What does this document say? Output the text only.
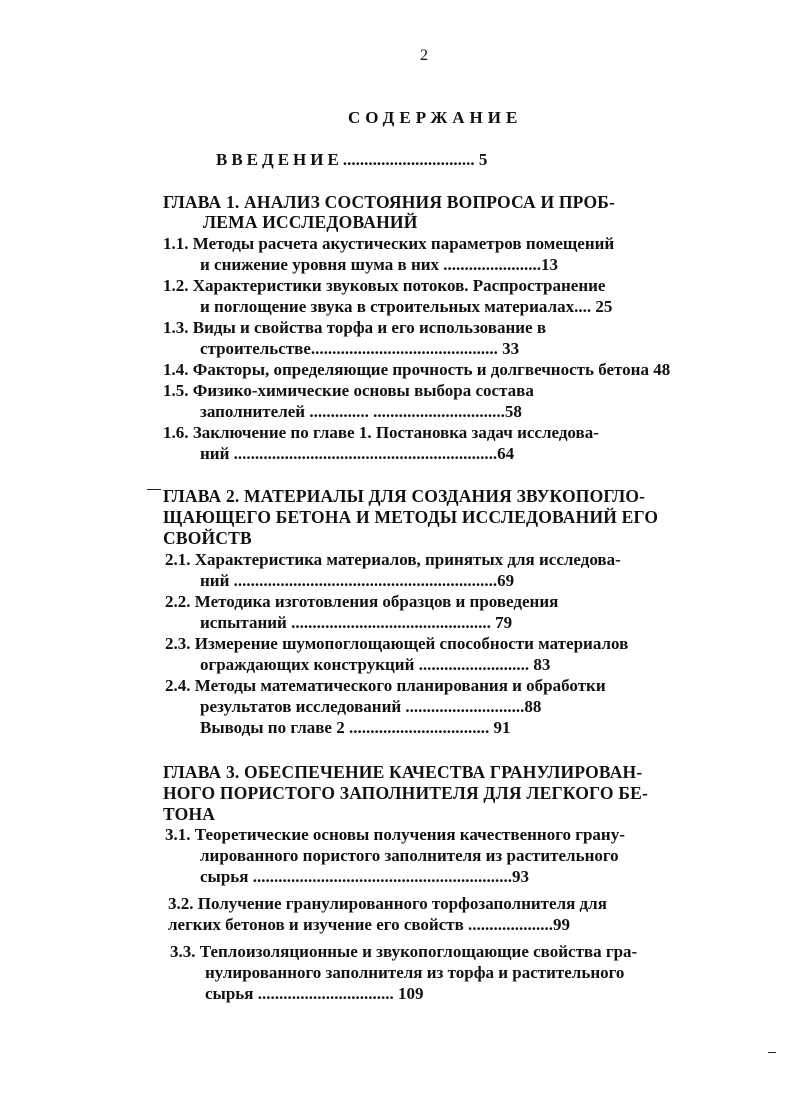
2
СОДЕРЖАНИЕ
ВВЕДЕНИЕ............................... 5
ГЛАВА 1. АНАЛИЗ СОСТОЯНИЯ ВОПРОСА И ПРОБ-
ЛЕМА ИССЛЕДОВАНИЙ
1.1. Методы расчета акустических параметров помещений
и снижение уровня шума в них .......................13
1.2. Характеристики звуковых потоков. Распространение
и поглощение звука в строительных материалах.... 25
1.3. Виды и свойства торфа и его использование в
строительстве............................................ 33
1.4. Факторы, определяющие прочность и долгвечность бетона 48
1.5. Физико-химические основы выбора состава
заполнителей .............. ...............................58
1.6. Заключение по главе 1. Постановка задач исследова-
ний ..............................................................64
ГЛАВА 2. МАТЕРИАЛЫ ДЛЯ СОЗДАНИЯ ЗВУКОПОГЛО-
ЩАЮЩЕГО БЕТОНА И МЕТОДЫ ИССЛЕДОВАНИЙ ЕГО
СВОЙСТВ
2.1. Характеристика материалов, принятых для исследова-
ний ..............................................................69
2.2. Методика изготовления образцов и проведения
испытаний ............................................... 79
2.3. Измерение шумопоглощающей способности материалов
ограждающих конструкций .......................... 83
2.4. Методы математического планирования и обработки
результатов исследований ............................88
Выводы по главе 2 ................................. 91
ГЛАВА 3. ОБЕСПЕЧЕНИЕ КАЧЕСТВА ГРАНУЛИРОВАН-
НОГО ПОРИСТОГО ЗАПОЛНИТЕЛЯ ДЛЯ ЛЕГКОГО БЕ-
ТОНА
3.1. Теоретические основы получения качественного грану-
лированного пористого заполнителя из растительного
сырья .............................................................93
3.2. Получение гранулированного торфозаполнителя для
легких бетонов и изучение его свойств ....................99
3.3. Теплоизоляционные и звукопоглощающие свойства гра-
нулированного заполнителя из торфа и растительного
сырья ................................ 109
